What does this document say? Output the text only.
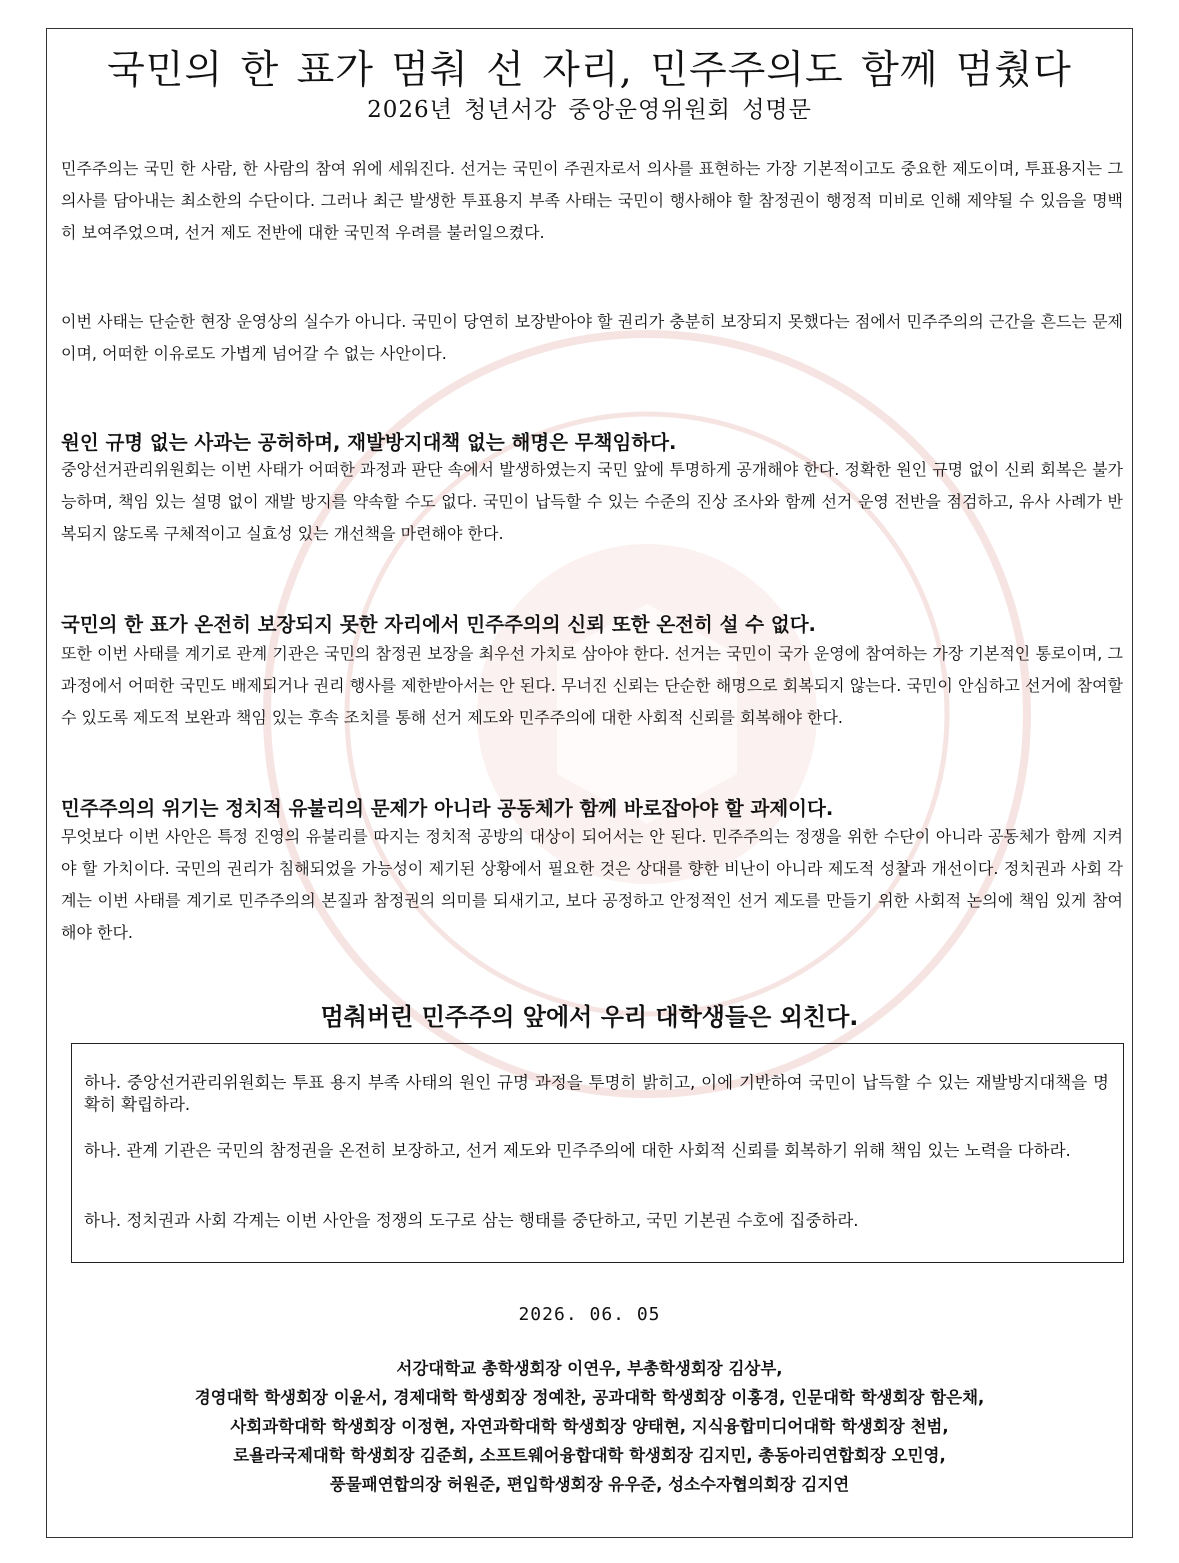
국민의 한 표가 멈춰 선 자리, 민주주의도 함께 멈췄다
2026년 청년서강 중앙운영위원회 성명문
민주주의는 국민 한 사람, 한 사람의 참여 위에 세워진다. 선거는 국민이 주권자로서 의사를 표현하는 가장 기본적이고도 중요한 제도이며, 투표용지는 그 의사를 담아내는 최소한의 수단이다. 그러나 최근 발생한 투표용지 부족 사태는 국민이 행사해야 할 참정권이 행정적 미비로 인해 제약될 수 있음을 명백히 보여주었으며, 선거 제도 전반에 대한 국민적 우려를 불러일으켰다.
이번 사태는 단순한 현장 운영상의 실수가 아니다. 국민이 당연히 보장받아야 할 권리가 충분히 보장되지 못했다는 점에서 민주주의의 근간을 흔드는 문제이며, 어떠한 이유로도 가볍게 넘어갈 수 없는 사안이다.
원인 규명 없는 사과는 공허하며, 재발방지대책 없는 해명은 무책임하다.
중앙선거관리위원회는 이번 사태가 어떠한 과정과 판단 속에서 발생하였는지 국민 앞에 투명하게 공개해야 한다. 정확한 원인 규명 없이 신뢰 회복은 불가능하며, 책임 있는 설명 없이 재발 방지를 약속할 수도 없다. 국민이 납득할 수 있는 수준의 진상 조사와 함께 선거 운영 전반을 점검하고, 유사 사례가 반복되지 않도록 구체적이고 실효성 있는 개선책을 마련해야 한다.
국민의 한 표가 온전히 보장되지 못한 자리에서 민주주의의 신뢰 또한 온전히 설 수 없다.
또한 이번 사태를 계기로 관계 기관은 국민의 참정권 보장을 최우선 가치로 삼아야 한다. 선거는 국민이 국가 운영에 참여하는 가장 기본적인 통로이며, 그 과정에서 어떠한 국민도 배제되거나 권리 행사를 제한받아서는 안 된다. 무너진 신뢰는 단순한 해명으로 회복되지 않는다. 국민이 안심하고 선거에 참여할 수 있도록 제도적 보완과 책임 있는 후속 조치를 통해 선거 제도와 민주주의에 대한 사회적 신뢰를 회복해야 한다.
민주주의의 위기는 정치적 유불리의 문제가 아니라 공동체가 함께 바로잡아야 할 과제이다.
무엇보다 이번 사안은 특정 진영의 유불리를 따지는 정치적 공방의 대상이 되어서는 안 된다. 민주주의는 정쟁을 위한 수단이 아니라 공동체가 함께 지켜야 할 가치이다. 국민의 권리가 침해되었을 가능성이 제기된 상황에서 필요한 것은 상대를 향한 비난이 아니라 제도적 성찰과 개선이다. 정치권과 사회 각계는 이번 사태를 계기로 민주주의의 본질과 참정권의 의미를 되새기고, 보다 공정하고 안정적인 선거 제도를 만들기 위한 사회적 논의에 책임 있게 참여해야 한다.
멈춰버린 민주주의 앞에서 우리 대학생들은 외친다.
하나. 중앙선거관리위원회는 투표 용지 부족 사태의 원인 규명 과정을 투명히 밝히고, 이에 기반하여 국민이 납득할 수 있는 재발방지대책을 명확히 확립하라.
하나. 관계 기관은 국민의 참정권을 온전히 보장하고, 선거 제도와 민주주의에 대한 사회적 신뢰를 회복하기 위해 책임 있는 노력을 다하라.
하나. 정치권과 사회 각계는 이번 사안을 정쟁의 도구로 삼는 행태를 중단하고, 국민 기본권 수호에 집중하라.
2026. 06. 05
서강대학교 총학생회장 이연우, 부총학생회장 김상부,
경영대학 학생회장 이윤서, 경제대학 학생회장 정예찬, 공과대학 학생회장 이홍경, 인문대학 학생회장 함은채,
사회과학대학 학생회장 이정현, 자연과학대학 학생회장 양태현, 지식융합미디어대학 학생회장 천범,
로욜라국제대학 학생회장 김준희, 소프트웨어융합대학 학생회장 김지민, 총동아리연합회장 오민영,
풍물패연합의장 허원준, 편입학생회장 유우준, 성소수자협의회장 김지연
